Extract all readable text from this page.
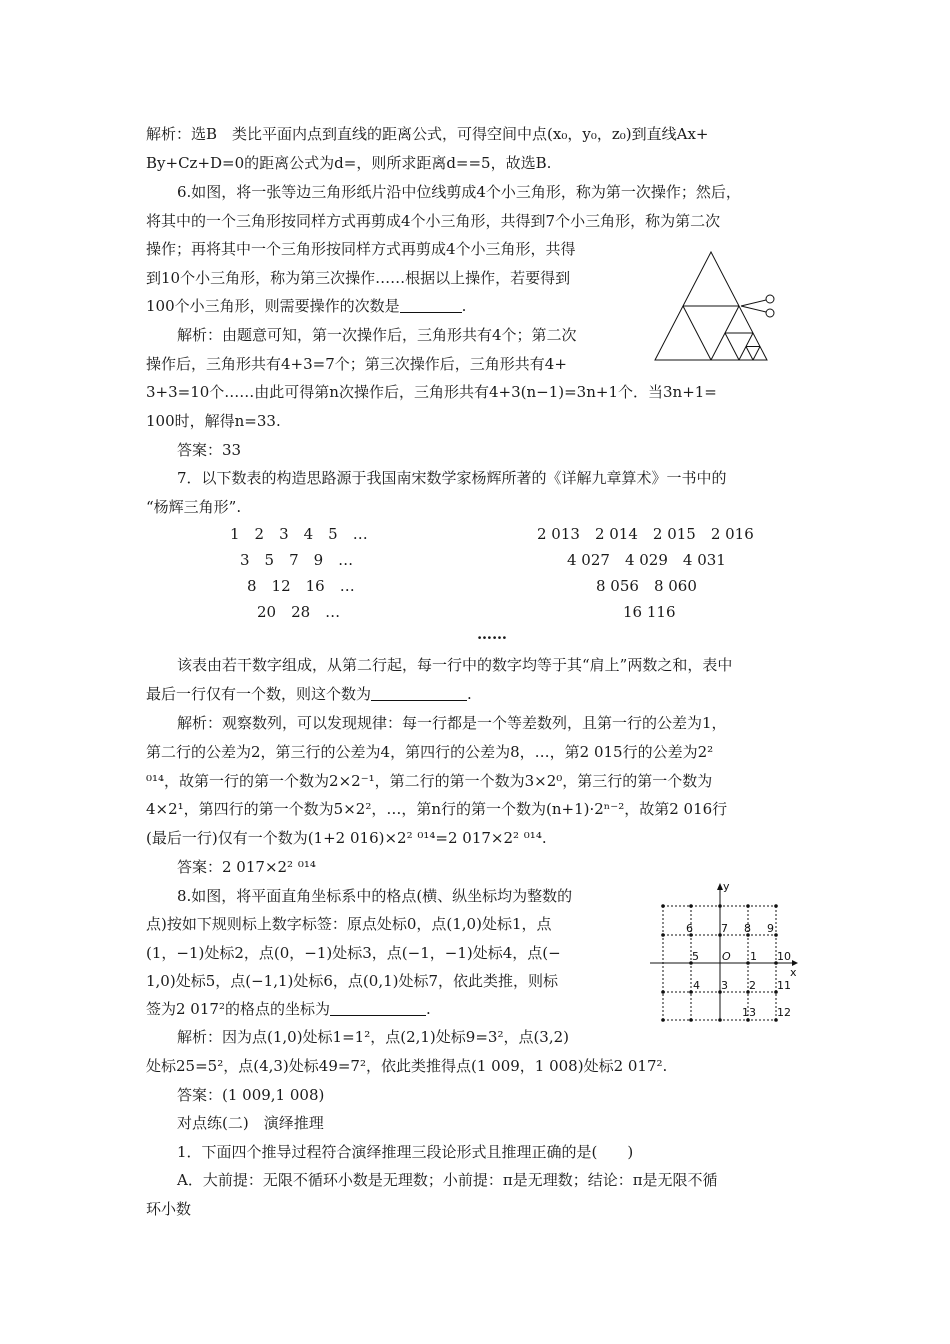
解析：选B　类比平面内点到直线的距离公式，可得空间中点(x₀，y₀，z₀)到直线Ax+
By+Cz+D=0的距离公式为d=，则所求距离d==5，故选B.
6.如图，将一张等边三角形纸片沿中位线剪成4个小三角形，称为第一次操作；然后，
将其中的一个三角形按同样方式再剪成4个小三角形，共得到7个小三角形，称为第二次
操作；再将其中一个三角形按同样方式再剪成4个小三角形，共得
到10个小三角形，称为第三次操作……根据以上操作，若要得到
100个小三角形，则需要操作的次数是	.
解析：由题意可知，第一次操作后，三角形共有4个；第二次
操作后，三角形共有4+3=7个；第三次操作后，三角形共有4+
3+3=10个……由此可得第n次操作后，三角形共有4+3(n−1)=3n+1个．当3n+1=
100时，解得n=33.
答案：33
7．以下数表的构造思路源于我国南宋数学家杨辉所著的《详解九章算术》一书中的
“杨辉三角形”.
1　2　3　4　5　…
3　5　7　9　…
8　12　16　…
20　28　…
2 013　2 014　2 015　2 016
4 027　4 029　4 031
8 056　8 060
16 116
……
该表由若干数字组成，从第二行起，每一行中的数字均等于其“肩上”两数之和，表中
最后一行仅有一个数，则这个数为	.
解析：观察数列，可以发现规律：每一行都是一个等差数列，且第一行的公差为1，
第二行的公差为2，第三行的公差为4，第四行的公差为8，…，第2 015行的公差为2²
⁰¹⁴，故第一行的第一个数为2×2⁻¹，第二行的第一个数为3×2⁰，第三行的第一个数为
4×2¹，第四行的第一个数为5×2²，…，第n行的第一个数为(n+1)·2ⁿ⁻²，故第2 016行
(最后一行)仅有一个数为(1+2 016)×2² ⁰¹⁴=2 017×2² ⁰¹⁴.
答案：2 017×2² ⁰¹⁴
8.如图，将平面直角坐标系中的格点(横、纵坐标均为整数的
点)按如下规则标上数字标签：原点处标0，点(1,0)处标1，点
(1，−1)处标2，点(0，−1)处标3，点(−1，−1)处标4，点(−
1,0)处标5，点(−1,1)处标6，点(0,1)处标7，依此类推，则标
签为2 017²的格点的坐标为	.
解析：因为点(1,0)处标1=1²，点(2,1)处标9=3²，点(3,2)
处标25=5²，点(4,3)处标49=7²，依此类推得点(1 009，1 008)处标2 017².
答案：(1 009,1 008)
对点练(二)　演绎推理
1．下面四个推导过程符合演绎推理三段论形式且推理正确的是(　　)
A．大前提：无限不循环小数是无理数；小前提：π是无理数；结论：π是无限不循
环小数
y
x
O
6	7 8 9
5	1 10
4 3 2 11
13 12
